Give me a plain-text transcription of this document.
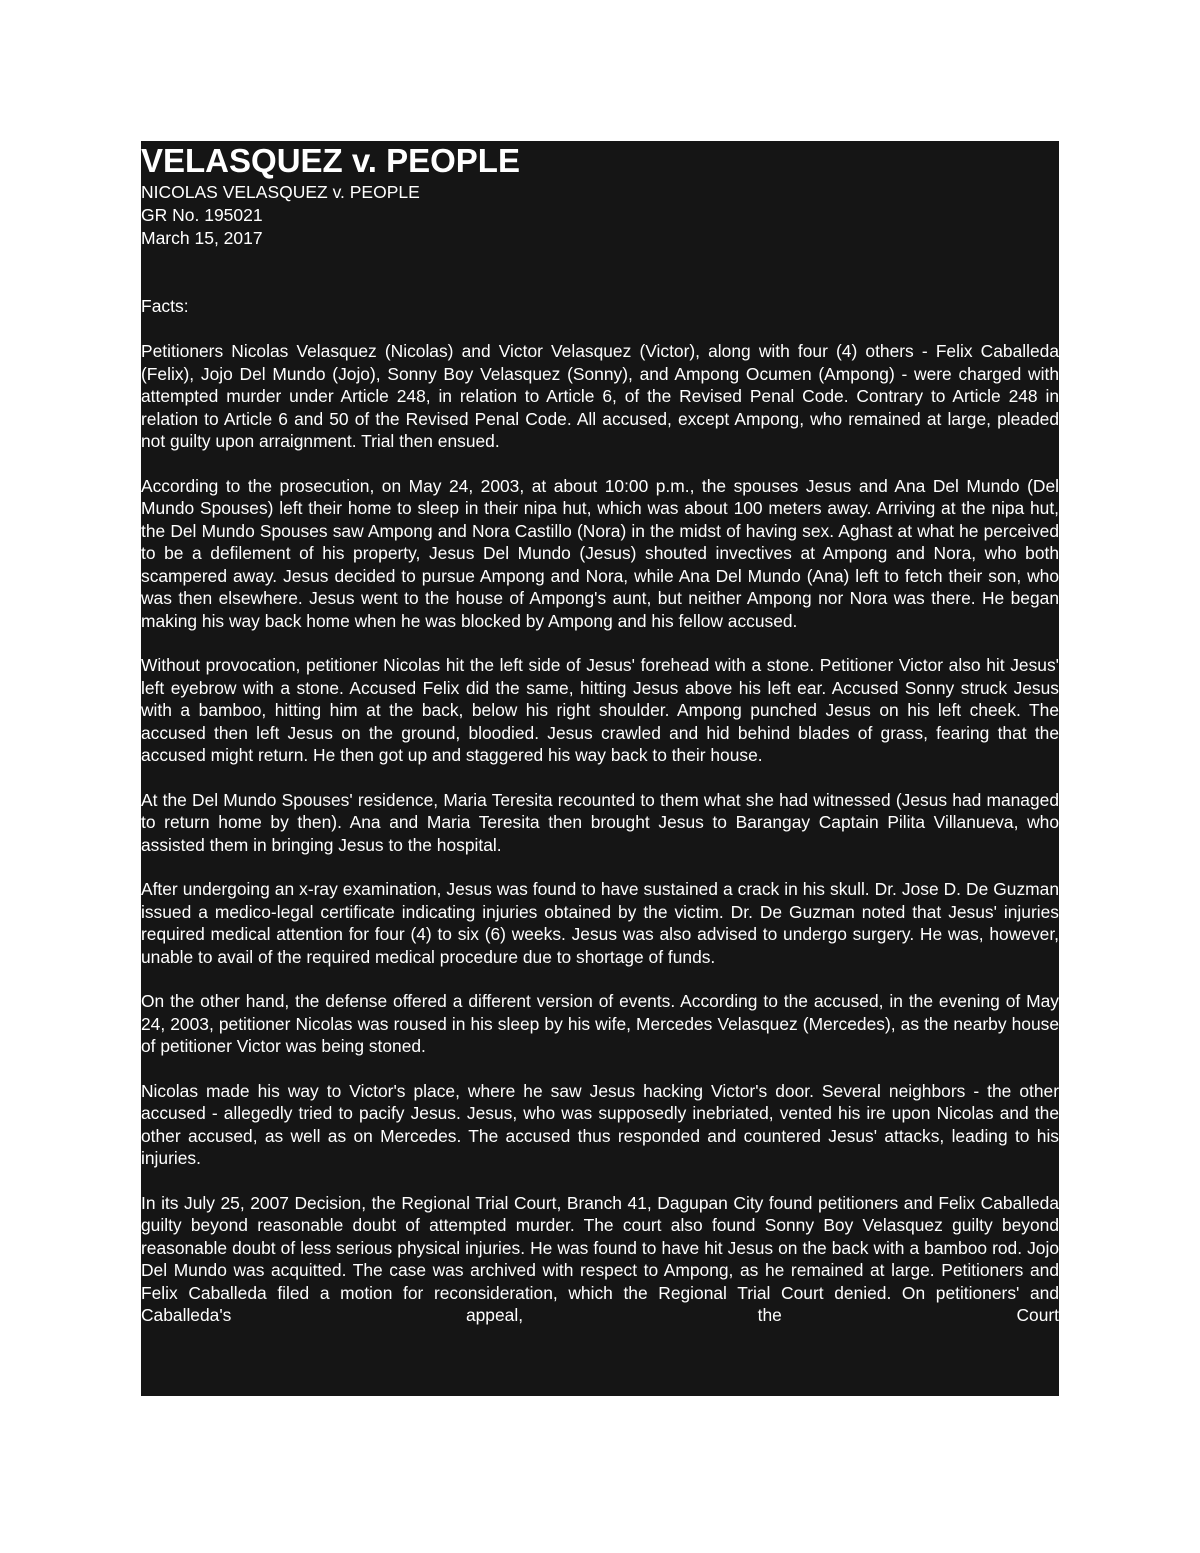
VELASQUEZ v. PEOPLE
NICOLAS VELASQUEZ v. PEOPLE
GR No. 195021
March 15, 2017
Facts:

Petitioners Nicolas Velasquez (Nicolas) and Victor Velasquez (Victor), along with four (4) others - Felix Caballeda (Felix), Jojo Del Mundo (Jojo), Sonny Boy Velasquez (Sonny), and Ampong Ocumen (Ampong) - were charged with attempted murder under Article 248, in relation to Article 6, of the Revised Penal Code. Contrary to Article 248 in relation to Article 6 and 50 of the Revised Penal Code. All accused, except Ampong, who remained at large, pleaded not guilty upon arraignment. Trial then ensued.

According to the prosecution, on May 24, 2003, at about 10:00 p.m., the spouses Jesus and Ana Del Mundo (Del Mundo Spouses) left their home to sleep in their nipa hut, which was about 100 meters away. Arriving at the nipa hut, the Del Mundo Spouses saw Ampong and Nora Castillo (Nora) in the midst of having sex. Aghast at what he perceived to be a defilement of his property, Jesus Del Mundo (Jesus) shouted invectives at Ampong and Nora, who both scampered away. Jesus decided to pursue Ampong and Nora, while Ana Del Mundo (Ana) left to fetch their son, who was then elsewhere. Jesus went to the house of Ampong's aunt, but neither Ampong nor Nora was there. He began making his way back home when he was blocked by Ampong and his fellow accused.

Without provocation, petitioner Nicolas hit the left side of Jesus' forehead with a stone. Petitioner Victor also hit Jesus' left eyebrow with a stone. Accused Felix did the same, hitting Jesus above his left ear. Accused Sonny struck Jesus with a bamboo, hitting him at the back, below his right shoulder. Ampong punched Jesus on his left cheek. The accused then left Jesus on the ground, bloodied. Jesus crawled and hid behind blades of grass, fearing that the accused might return. He then got up and staggered his way back to their house.

At the Del Mundo Spouses' residence, Maria Teresita recounted to them what she had witnessed (Jesus had managed to return home by then). Ana and Maria Teresita then brought Jesus to Barangay Captain Pilita Villanueva, who assisted them in bringing Jesus to the hospital.

After undergoing an x-ray examination, Jesus was found to have sustained a crack in his skull. Dr. Jose D. De Guzman issued a medico-legal certificate indicating injuries obtained by the victim. Dr. De Guzman noted that Jesus' injuries required medical attention for four (4) to six (6) weeks. Jesus was also advised to undergo surgery. He was, however, unable to avail of the required medical procedure due to shortage of funds.

On the other hand, the defense offered a different version of events. According to the accused, in the evening of May 24, 2003, petitioner Nicolas was roused in his sleep by his wife, Mercedes Velasquez (Mercedes), as the nearby house of petitioner Victor was being stoned.

Nicolas made his way to Victor's place, where he saw Jesus hacking Victor's door. Several neighbors - the other accused - allegedly tried to pacify Jesus. Jesus, who was supposedly inebriated, vented his ire upon Nicolas and the other accused, as well as on Mercedes. The accused thus responded and countered Jesus' attacks, leading to his injuries.

In its July 25, 2007 Decision, the Regional Trial Court, Branch 41, Dagupan City found petitioners and Felix Caballeda guilty beyond reasonable doubt of attempted murder. The court also found Sonny Boy Velasquez guilty beyond reasonable doubt of less serious physical injuries. He was found to have hit Jesus on the back with a bamboo rod. Jojo Del Mundo was acquitted. The case was archived with respect to Ampong, as he remained at large. Petitioners and Felix Caballeda filed a motion for reconsideration, which the Regional Trial Court denied. On petitioners' and Caballeda's appeal, the Court
